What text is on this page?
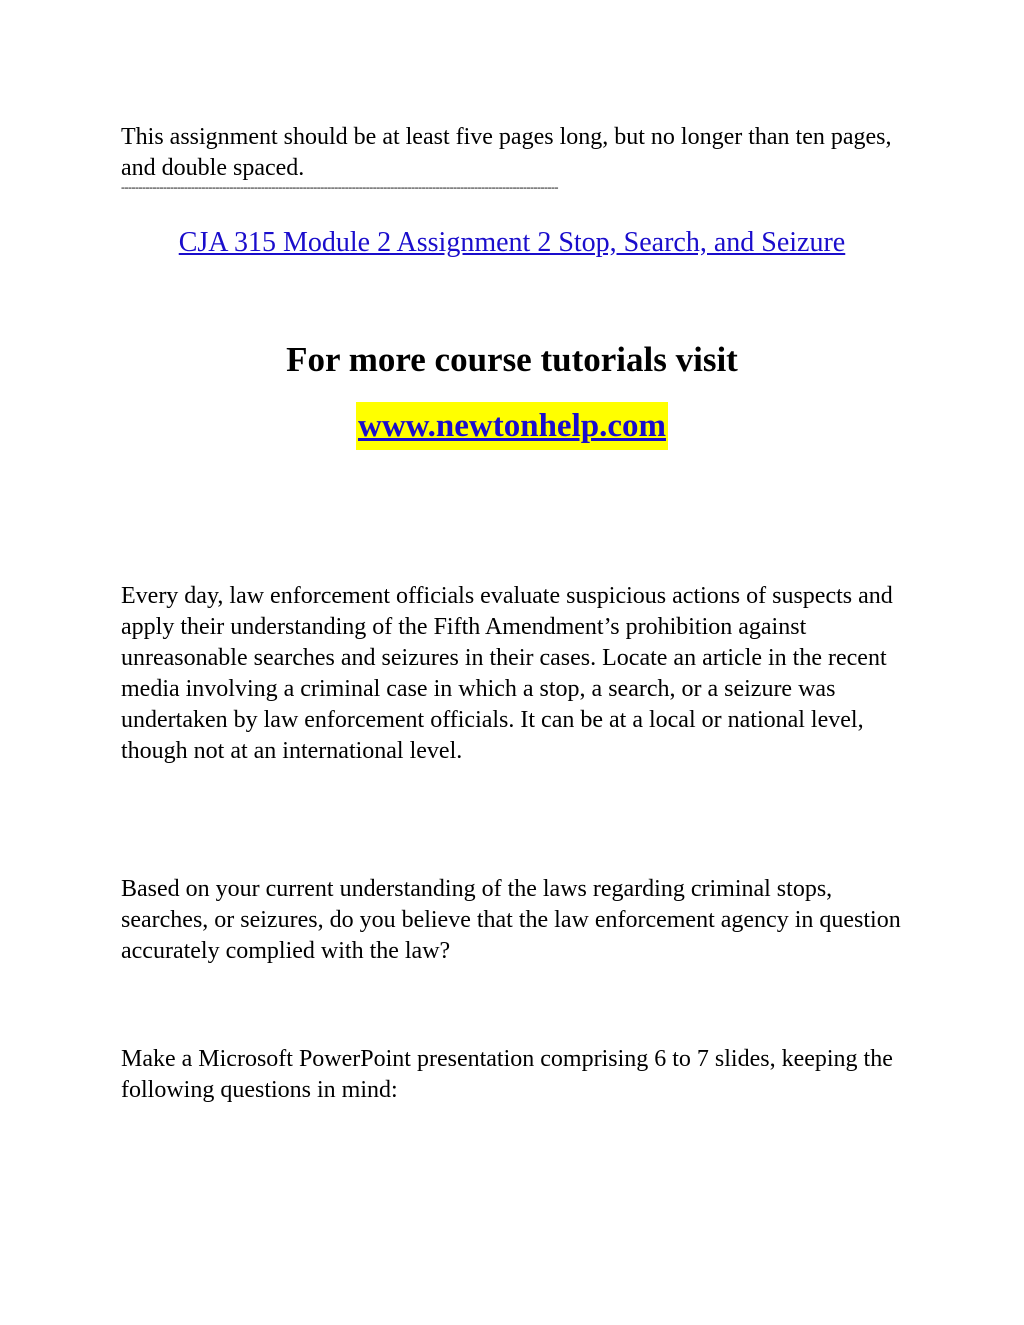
This assignment should be at least five pages long, but no longer than ten pages, and double spaced.

-----------------------------------------------------------------------------------------------------------------------------
CJA 315 Module 2 Assignment 2 Stop, Search, and Seizure

For more course tutorials visit

www.newtonhelp.com

Every day, law enforcement officials evaluate suspicious actions of suspects and apply their understanding of the Fifth Amendment’s prohibition against unreasonable searches and seizures in their cases. Locate an article in the recent media involving a criminal case in which a stop, a search, or a seizure was undertaken by law enforcement officials. It can be at a local or national level, though not at an international level.

Based on your current understanding of the laws regarding criminal stops, searches, or seizures, do you believe that the law enforcement agency in question accurately complied with the law?

Make a Microsoft PowerPoint presentation comprising 6 to 7 slides, keeping the following questions in mind:
